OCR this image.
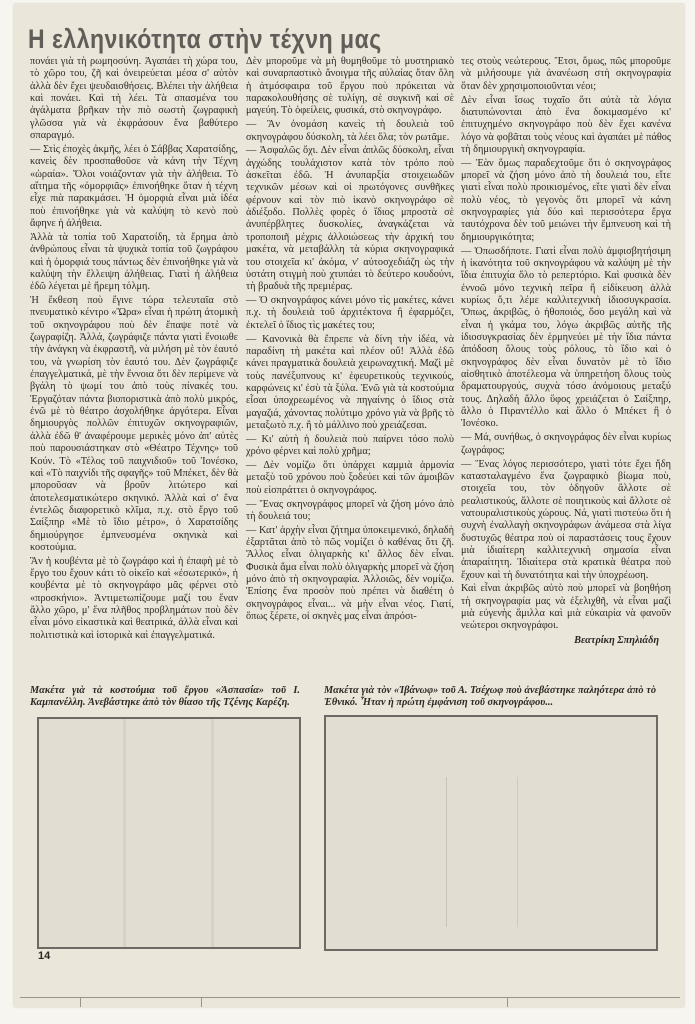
Η ελληνικότητα στὴν τέχνη μας

πονάει γιὰ τὴ ρωμηοσύνη. Ἀγαπάει τὴ χώρα του, τὸ χῶρο του, ζῆ καὶ ὀνειρεύεται μέσα σ' αὐτὸν ἀλλὰ δὲν ἔχει ψευδαισθήσεις. Βλέπει τὴν ἀλήθεια καὶ πονάει. Καὶ τὴ λέει. Τὰ σπασμένα του ἀγάλματα βρῆκαν τὴν πιὸ σωστὴ ζωγραφικὴ γλῶσσα γιὰ νὰ ἐκφράσουν ἕνα βαθύτερο σπαραγμό.

— Στὶς ἐποχὲς ἀκμῆς, λέει ὁ Σάββας Χαρατσίδης, κανεὶς δὲν προσπαθοῦσε νὰ κάνη τὴν Τέχνη «ὡραία». Ὅλοι νοιάζονταν γιὰ τὴν ἀλήθεια. Τὸ αἴτημα τῆς «ὀμορφιᾶς» ἐπινοήθηκε ὅταν ἡ τέχνη εἶχε πιὰ παρακμάσει. Ἡ ὀμορφιὰ εἶναι μιὰ ἰδέα ποὺ ἐπινοήθηκε γιὰ νὰ καλύψη τὸ κενὸ ποὺ ἄφηνε ἡ ἀλήθεια.

Ἀλλὰ τὰ τοπία τοῦ Χαρατσίδη, τὰ ἔρημα ἀπὸ ἀνθρώπους εἶναι τὰ ψυχικὰ τοπία τοῦ ζωγράφου καὶ ἡ ὀμορφιά τους πάντως δὲν ἐπινοήθηκε γιὰ νὰ καλύψη τὴν ἔλλειψη ἀλήθειας. Γιατὶ ἡ ἀλήθεια ἐδῶ λέγεται μὲ ἤρεμη τόλμη.

Ἡ ἔκθεση ποὺ ἔγινε τώρα τελευταῖα στὸ πνευματικὸ κέντρο «Ὥρα» εἶναι ἡ πρώτη ἀτομικὴ τοῦ σκηνογράφου ποὺ δὲν ἔπαψε ποτὲ νὰ ζωγραφίζη. Ἀλλά, ζωγράφιζε πάντα γιατὶ ἔνοιωθε τὴν ἀνάγκη νὰ ἐκφραστῆ, νὰ μιλήση μὲ τὸν ἑαυτό του, νὰ γνωρίση τὸν ἑαυτό του. Δὲν ζωγράφιζε ἐπαγγελματικά, μὲ τὴν ἔννοια ὅτι δὲν περίμενε νὰ βγάλη τὸ ψωμί του ἀπὸ τοὺς πίνακές του. Ἐργαζόταν πάντα βιοποριστικὰ ἀπὸ πολὺ μικρός, ἐνῶ μὲ τὸ θέατρο ἀσχολήθηκε ἀργότερα. Εἶναι δημιουργὸς πολλῶν ἐπιτυχῶν σκηνογραφιῶν, ἀλλὰ ἐδῶ θ' ἀναφέρουμε μερικὲς μόνο ἀπ' αὐτὲς ποὺ παρουσιάστηκαν στὸ «Θέατρο Τέχνης» τοῦ Κούν. Τὸ «Τέλος τοῦ παιχνιδιοῦ» τοῦ Ἰονέσκο, καὶ «Τὸ παιχνίδι τῆς σφαγῆς» τοῦ Μπέκετ, δὲν θὰ μποροῦσαν νὰ βροῦν λιτώτερο καὶ ἀποτελεσματικώτερο σκηνικό. Ἀλλὰ καὶ σ' ἕνα ἐντελῶς διαφορετικὸ κλῖμα, π.χ. στὸ ἔργο τοῦ Σαίξπηρ «Μὲ τὸ ἴδιο μέτρο», ὁ Χαρατσίδης δημιούργησε ἐμπνευσμένα σκηνικὰ καὶ κοστούμια.

Ἂν ἡ κουβέντα μὲ τὸ ζωγράφο καὶ ἡ ἐπαφὴ μὲ τὸ ἔργο του ἔχουν κάτι τὸ οἰκεῖο καὶ «ἐσωτερικό», ἡ κουβέντα μὲ τὸ σκηνογράφο μᾶς φέρνει στὸ «προσκήνιο». Ἀντιμετωπίζουμε μαζί του ἕναν ἄλλο χῶρο, μ' ἕνα πλῆθος προβλημάτων ποὺ δὲν εἶναι μόνο εἰκαστικὰ καὶ θεατρικά, ἀλλὰ εἶναι καὶ πολιτιστικὰ καὶ ἱστορικὰ καὶ ἐπαγγελματικά.

Δὲν μποροῦμε νὰ μὴ θυμηθοῦμε τὸ μυστηριακὸ καὶ συναρπαστικὸ ἄνοιγμα τῆς αὐλαίας ὅταν ὅλη ἡ ἀτμόσφαιρα τοῦ ἔργου ποὺ πρόκειται νὰ παρακολουθήσης σὲ τυλίγη, σὲ συγκινῆ καὶ σὲ μαγεύη. Τὸ ὀφείλεις, φυσικά, στὸ σκηνογράφο.

— Ἂν ὀνομάση κανεὶς τὴ δουλειὰ τοῦ σκηνογράφου δύσκολη, τὰ λέει ὅλα; τὸν ρωτᾶμε.

— Ἀσφαλῶς ὄχι. Δὲν εἶναι ἁπλῶς δύσκολη, εἶναι ἀγχώδης τουλάχιστον κατὰ τὸν τρόπο ποὺ ἀσκεῖται ἐδῶ. Ἡ ἀνυπαρξία στοιχειωδῶν τεχνικῶν μέσων καὶ οἱ πρωτόγονες συνθῆκες φέρνουν καὶ τὸν πιὸ ἱκανὸ σκηνογράφο σὲ ἀδιέξοδο. Πολλὲς φορὲς ὁ ἴδιος μπροστὰ σὲ ἀνυπέρβλητες δυσκολίες, ἀναγκάζεται νὰ τροποποιῆ μέχρις ἀλλοιώσεως τὴν ἀρχική του μακέτα, νὰ μεταβάλλη τὰ κύρια σκηνογραφικά του στοιχεῖα κι' ἀκόμα, ν' αὐτοσχεδιάζη ὡς τὴν ὑστάτη στιγμὴ ποὺ χτυπάει τὸ δεύτερο κουδούνι, τὴ βραδυὰ τῆς πρεμιέρας.

— Ὁ σκηνογράφος κάνει μόνο τὶς μακέτες, κάνει π.χ. τὴ δουλειὰ τοῦ ἀρχιτέκτονα ἢ ἐφαρμόζει, ἐκτελεῖ ὁ ἴδιος τὶς μακέτες του;

— Κανονικὰ θὰ ἔπρεπε νὰ δίνη τὴν ἰδέα, νὰ παραδίνη τὴ μακέτα καὶ πλέον οὔ! Ἀλλὰ ἐδῶ κάνει πραγματικὰ δουλειὰ χειρωναχτική. Μαζὶ μὲ τοὺς πανέξυπνους κι' ἐφευρετικοὺς τεχνικούς, καρφώνεις κι' ἐσὺ τὰ ξύλα. Ἐνῶ γιὰ τὰ κοστούμια εἶσαι ὑποχρεωμένος νὰ πηγαίνης ὁ ἴδιος στὰ μαγαζιά, χάνοντας πολύτιμο χρόνο γιὰ νὰ βρῆς τὸ μεταξωτὸ π.χ. ἢ τὸ μάλλινο ποὺ χρειάζεσαι.

— Κι' αὐτὴ ἡ δουλειὰ ποὺ παίρνει τόσο πολὺ χρόνο φέρνει καὶ πολὺ χρῆμα;

— Δὲν νομίζω ὅτι ὑπάρχει καμμιὰ ἁρμονία μεταξὺ τοῦ χρόνου ποὺ ξοδεύει καὶ τῶν ἀμοιβῶν ποὺ εἰσπράττει ὁ σκηνογράφος.

— Ἕνας σκηνογράφος μπορεῖ νὰ ζήση μόνο ἀπὸ τὴ δουλειά του;

— Κατ' ἀρχὴν εἶναι ζήτημα ὑποκειμενικό, δηλαδὴ ἐξαρτᾶται ἀπὸ τὸ πῶς νομίζει ὁ καθένας ὅτι ζῆ. Ἄλλος εἶναι ὀλιγαρκὴς κι' ἄλλος δὲν εἶναι. Φυσικὰ ἅμα εἶναι πολὺ ὀλιγαρκὴς μπορεῖ νὰ ζήση μόνο ἀπὸ τὴ σκηνογραφία. Ἀλλοιῶς, δὲν νομίζω. Ἐπίσης ἕνα προσὸν ποὺ πρέπει νὰ διαθέτη ὁ σκηνογράφος εἶναι... νὰ μὴν εἶναι νέος. Γιατί, ὅπως ξέρετε, οἱ σκηνὲς μας εἶναι ἀπρόσι-

τες στοὺς νεώτερους. Ἔτσι, ὅμως, πῶς μποροῦμε νὰ μιλήσουμε γιὰ ἀνανέωση στὴ σκηνογραφία ὅταν δὲν χρησιμοποιοῦνται νέοι;

Δὲν εἶναι ἴσως τυχαῖο ὅτι αὐτὰ τὰ λόγια διατυπώνονται ἀπὸ ἕνα δοκιμασμένο κι' ἐπιτυχημένο σκηνογράφο ποὺ δὲν ἔχει κανένα λόγο νὰ φοβᾶται τοὺς νέους καὶ ἀγαπάει μὲ πάθος τὴ δημιουργικὴ σκηνογραφία.

— Ἐὰν ὅμως παραδεχτοῦμε ὅτι ὁ σκηνογράφος μπορεῖ νὰ ζήση μόνο ἀπὸ τὴ δουλειά του, εἴτε γιατὶ εἶναι πολὺ προικισμένος, εἴτε γιατὶ δὲν εἶναι πολὺ νέος, τὸ γεγονὸς ὅτι μπορεῖ νὰ κάνη σκηνογραφίες γιὰ δύο καὶ περισσότερα ἔργα ταυτόχρονα δὲν τοῦ μειώνει τὴν ἔμπνευση καὶ τὴ δημιουργικότητα;

— Ὁπωσδήποτε. Γιατὶ εἶναι πολὺ ἀμφισβητήσιμη ἡ ἱκανότητα τοῦ σκηνογράφου νὰ καλύψη μὲ τὴν ἴδια ἐπιτυχία ὅλο τὸ ρεπερτόριο. Καὶ φυσικὰ δὲν ἐννοῶ μόνο τεχνικὴ πεῖρα ἢ εἰδίκευση ἀλλὰ κυρίως ὅ,τι λέμε καλλιτεχνικὴ ἰδιοσυγκρασία. Ὅπως, ἀκριβῶς, ὁ ἠθοποιός, ὅσο μεγάλη καὶ νὰ εἶναι ἡ γκάμα του, λόγω ἀκριβῶς αὐτῆς τῆς ἰδιοσυγκρασίας δὲν ἑρμηνεύει μὲ τὴν ἴδια πάντα ἀπόδοση ὅλους τοὺς ρόλους, τὸ ἴδιο καὶ ὁ σκηνογράφος δὲν εἶναι δυνατὸν μὲ τὸ ἴδιο αἰσθητικὸ ἀποτέλεσμα νὰ ὑπηρετήση ὅλους τοὺς δραματουργούς, συχνὰ τόσο ἀνόμοιους μεταξύ τους. Δηλαδὴ ἄλλο ὕφος χρειάζεται ὁ Σαίξπηρ, ἄλλο ὁ Πιραντέλλο καὶ ἄλλο ὁ Μπέκετ ἢ ὁ Ἰονέσκο.

— Μά, συνήθως, ὁ σκηνογράφος δὲν εἶναι κυρίως ζωγράφος;

— Ἕνας λόγος περισσότερο, γιατὶ τότε ἔχει ἤδη κατασταλαγμένο ἕνα ζωγραφικὸ βίωμα ποὺ, στοιχεῖα του, τὸν ὁδηγοῦν ἄλλοτε σὲ ρεαλιστικούς, ἄλλοτε σὲ ποιητικοὺς καὶ ἄλλοτε σὲ νατουραλιστικοὺς χώρους. Νά, γιατὶ πιστεύω ὅτι ἡ συχνὴ ἐναλλαγὴ σκηνογράφων ἀνάμεσα στὰ λίγα δυστυχῶς θέατρα ποὺ οἱ παραστάσεις τους ἔχουν μιὰ ἰδιαίτερη καλλιτεχνικὴ σημασία εἶναι ἀπαραίτητη. Ἰδιαίτερα στὰ κρατικὰ θέατρα ποὺ ἔχουν καὶ τὴ δυνατότητα καὶ τὴν ὑποχρέωση.

Καὶ εἶναι ἀκριβῶς αὐτὸ ποὺ μπορεῖ νὰ βοηθήση τὴ σκηνογραφία μας νὰ ἐξελιχθῆ, νὰ εἶναι μαζὶ μιὰ εὐγενὴς ἅμιλλα καὶ μιὰ εὐκαιρία νὰ φανοῦν νεώτεροι σκηνογράφοι.

Βεατρίκη Σπηλιάδη
Μακέτα γιὰ τὰ κοστούμια τοῦ ἔργου «Ἀσπασία» τοῦ Ι. Καμπανέλλη. Ἀνεβάστηκε ἀπὸ τὸν θίασο τῆς Τζένης Καρέζη.
Μακέτα γιὰ τὸν «Ἰβάνωφ» τοῦ Α. Τσέχωφ ποὺ ἀνεβάστηκε παληότερα ἀπὸ τὸ Ἐθνικό. Ἦταν ἡ πρώτη ἐμφάνιση τοῦ σκηνογράφου...
14
